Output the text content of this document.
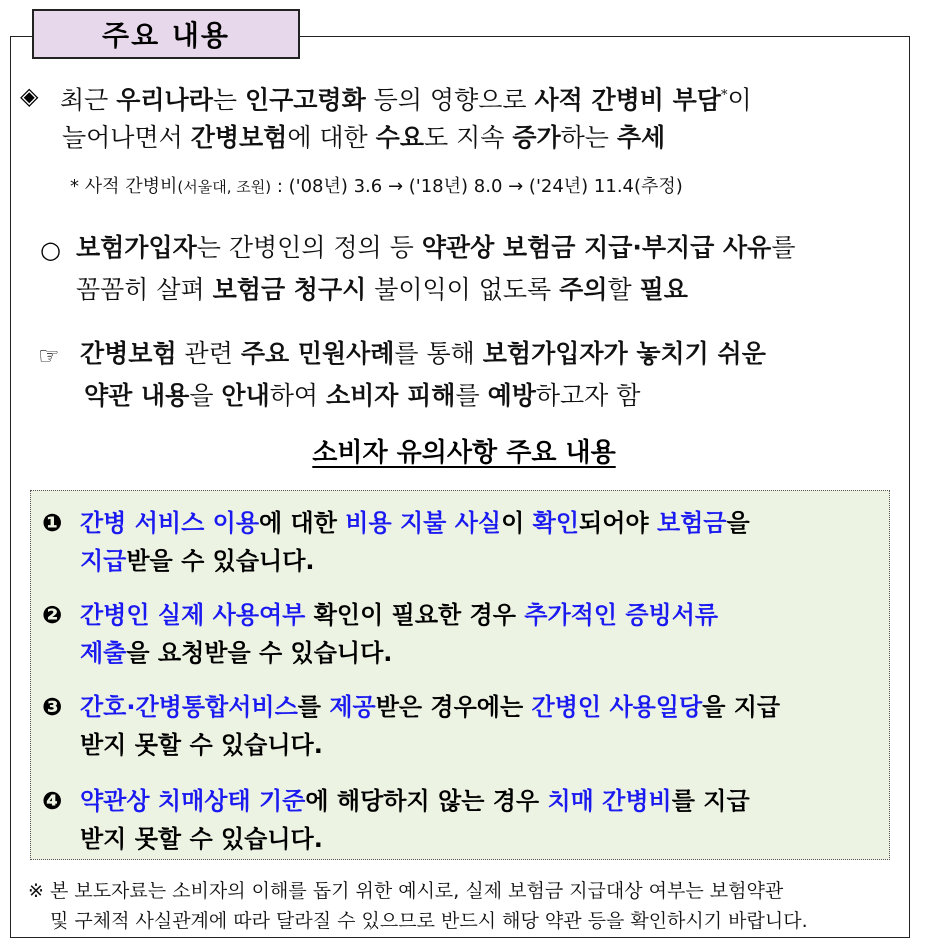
주요 내용
◈ 최근 우리나라는 인구고령화 등의 영향으로 사적 간병비 부담*이
늘어나면서 간병보험에 대한 수요도 지속 증가하는 추세
* 사적 간병비(서울대, 조원) : ('08년) 3.6 → ('18년) 8.0 → ('24년) 11.4(추정)
○ 보험가입자는 간병인의 정의 등 약관상 보험금 지급·부지급 사유를
꼼꼼히 살펴 보험금 청구시 불이익이 없도록 주의할 필요
☞ 간병보험 관련 주요 민원사례를 통해 보험가입자가 놓치기 쉬운
약관 내용을 안내하여 소비자 피해를 예방하고자 함
소비자 유의사항 주요 내용
❶ 간병 서비스 이용에 대한 비용 지불 사실이 확인되어야 보험금을
지급받을 수 있습니다.
❷ 간병인 실제 사용여부 확인이 필요한 경우 추가적인 증빙서류
제출을 요청받을 수 있습니다.
❸ 간호·간병통합서비스를 제공받은 경우에는 간병인 사용일당을 지급
받지 못할 수 있습니다.
❹ 약관상 치매상태 기준에 해당하지 않는 경우 치매 간병비를 지급
받지 못할 수 있습니다.
※ 본 보도자료는 소비자의 이해를 돕기 위한 예시로, 실제 보험금 지급대상 여부는 보험약관
및 구체적 사실관계에 따라 달라질 수 있으므로 반드시 해당 약관 등을 확인하시기 바랍니다.
